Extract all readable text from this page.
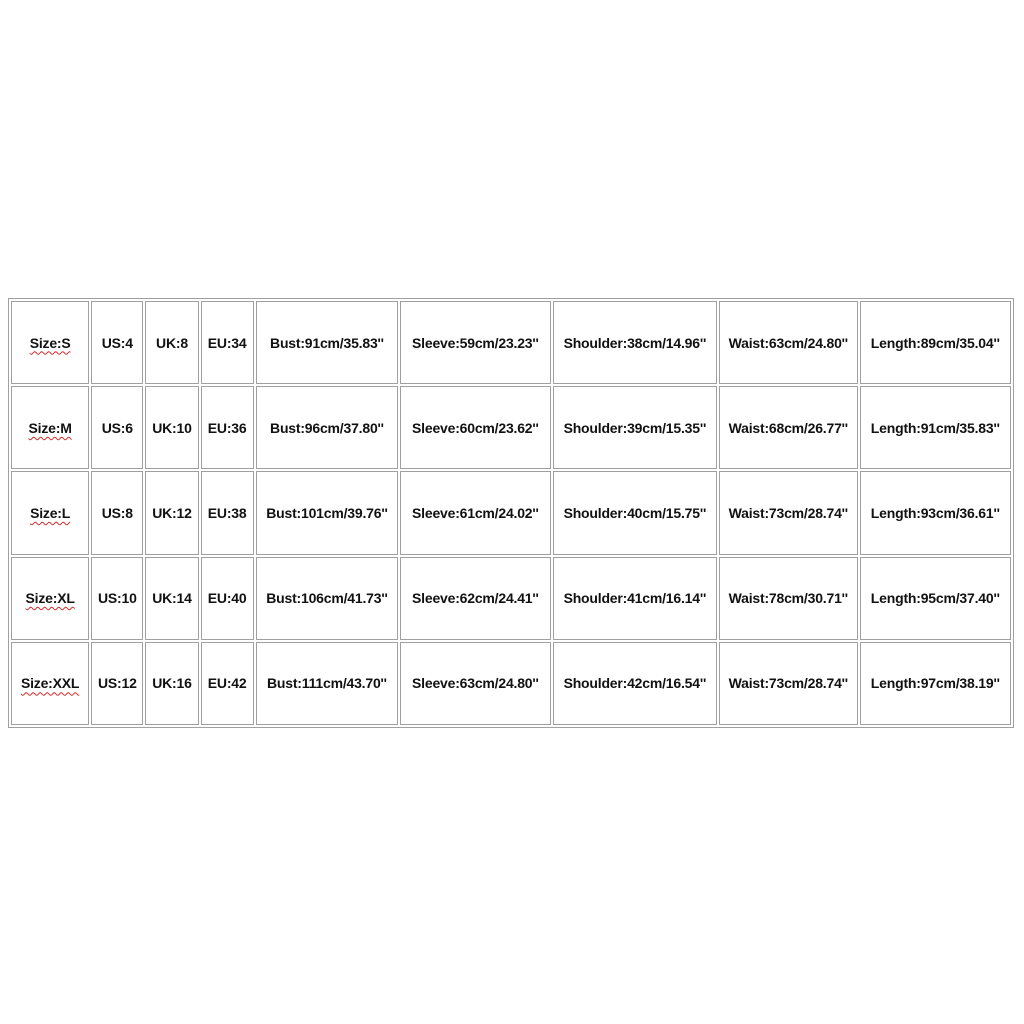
Size:S	US:4	UK:8	EU:34	Bust:91cm/35.83''	Sleeve:59cm/23.23''	Shoulder:38cm/14.96''	Waist:63cm/24.80''	Length:89cm/35.04''
Size:M	US:6	UK:10	EU:36	Bust:96cm/37.80''	Sleeve:60cm/23.62''	Shoulder:39cm/15.35''	Waist:68cm/26.77''	Length:91cm/35.83''
Size:L	US:8	UK:12	EU:38	Bust:101cm/39.76''	Sleeve:61cm/24.02''	Shoulder:40cm/15.75''	Waist:73cm/28.74''	Length:93cm/36.61''
Size:XL	US:10	UK:14	EU:40	Bust:106cm/41.73''	Sleeve:62cm/24.41''	Shoulder:41cm/16.14''	Waist:78cm/30.71''	Length:95cm/37.40''
Size:XXL	US:12	UK:16	EU:42	Bust:111cm/43.70''	Sleeve:63cm/24.80''	Shoulder:42cm/16.54''	Waist:73cm/28.74''	Length:97cm/38.19''
